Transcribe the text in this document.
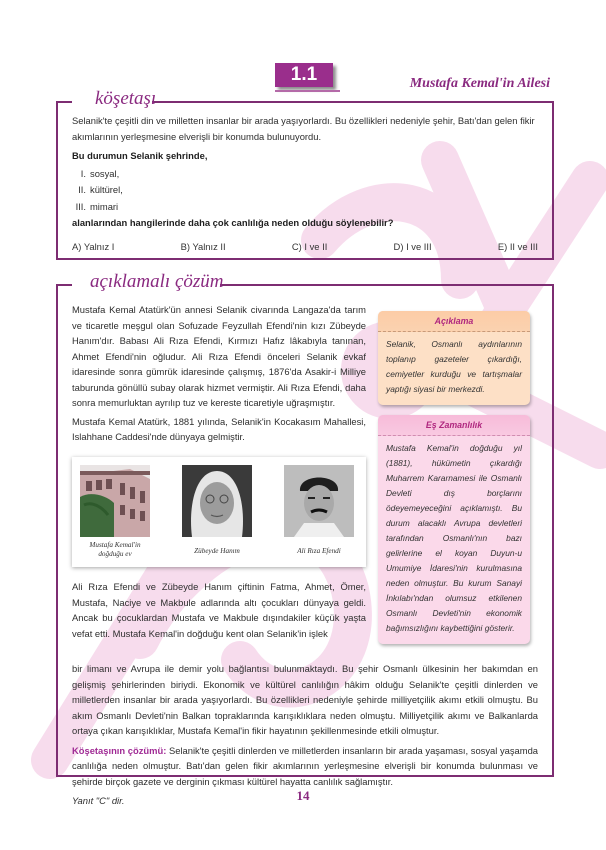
1.1	Mustafa Kemal'in Ailesi
köşetaşı

Selanik'te çeşitli din ve milletten insanlar bir arada yaşıyorlardı. Bu özellikleri nedeniyle şehir, Batı'dan gelen fikir akımlarının yerleşmesine elverişli bir konumda bulunuyordu.

Bu durumun Selanik şehrinde,

I. sosyal,
II. kültürel,
III. mimari

alanlarından hangilerinde daha çok canlılığa neden olduğu söylenebilir?

A) Yalnız I	B) Yalnız II	C) I ve II	D) I ve III	E) II ve III
açıklamalı çözüm

Mustafa Kemal Atatürk'ün annesi Selanik civarında Langaza'da tarım ve ticaretle meşgul olan Sofuzade Feyzullah Efendi'nin kızı Zübeyde Hanım'dır. Babası Ali Rıza Efendi, Kırmızı Hafız lâkabıyla tanınan, Ahmet Efendi'nin oğludur. Ali Rıza Efendi önceleri Selanik evkaf idaresinde sonra gümrük idaresinde çalışmış, 1876'da Asakir-i Milliye taburunda gönüllü subay olarak hizmet vermiştir. Ali Rıza Efendi, daha sonra memurluktan ayrılıp tuz ve kereste ticaretiyle uğraşmıştır.

Mustafa Kemal Atatürk, 1881 yılında, Selanik'in Kocakasım Mahallesi, Islahhane Caddesi'nde dünyaya gelmiştir.

Mustafa Kemal'in
doğduğu ev	Zübeyde Hanım	Ali Rıza Efendi

Ali Rıza Efendi ve Zübeyde Hanım çiftinin Fatma, Ahmet, Ömer, Mustafa, Naciye ve Makbule adlarında altı çocukları dünyaya geldi. Ancak bu çocuklardan Mustafa ve Makbule dışındakiler küçük yaşta vefat etti. Mustafa Kemal'in doğduğu kent olan Selanik'in işlek

bir limanı ve Avrupa ile demir yolu bağlantısı bulunmaktaydı. Bu şehir Osmanlı ülkesinin her bakımdan en gelişmiş şehirlerinden biriydi. Ekonomik ve kültürel canlılığın hâkim olduğu Selanik'te çeşitli dinlerden ve milletlerden insanlar bir arada yaşıyorlardı. Bu özellikleri nedeniyle şehirde milliyetçilik akımı etkili olmuştu. Bu akım Osmanlı Devleti'nin Balkan topraklarında karışıklıklara neden olmuştu. Milliyetçilik akımı ve Balkanlarda ortaya çıkan karışıklıklar, Mustafa Kemal'in fikir hayatının şekillenmesinde etkili olmuştur.

Köşetaşının çözümü: Selanik'te çeşitli dinlerden ve milletlerden insanların bir arada yaşaması, sosyal yaşamda canlılığa neden olmuştur. Batı'dan gelen fikir akımlarının yerleşmesine elverişli bir konumda bulunması ve şehirde birçok gazete ve derginin çıkması kültürel hayatta canlılık sağlamıştır.

Yanıt "C" dir.

Açıklama
Selanik, Osmanlı aydınlarının toplanıp gazeteler çıkardığı, cemiyetler kurduğu ve tartışmalar yaptığı siyasi bir merkezdi.
Eş Zamanlılık
Mustafa Kemal'in doğduğu yıl (1881), hükümetin çıkardığı Muharrem Kararnamesi ile Osmanlı Devleti dış borçlarını ödeyemeyeceğini açıklamıştı. Bu durum alacaklı Avrupa devletleri tarafından Osmanlı'nın bazı gelirlerine el koyan Duyun-u Umumiye İdaresi'nin kurulmasına neden olmuştur. Bu kurum Sanayi İnkılabı'ndan olumsuz etkilenen Osmanlı Devleti'nin ekonomik bağımsızlığını kaybettiğini gösterir.
14
